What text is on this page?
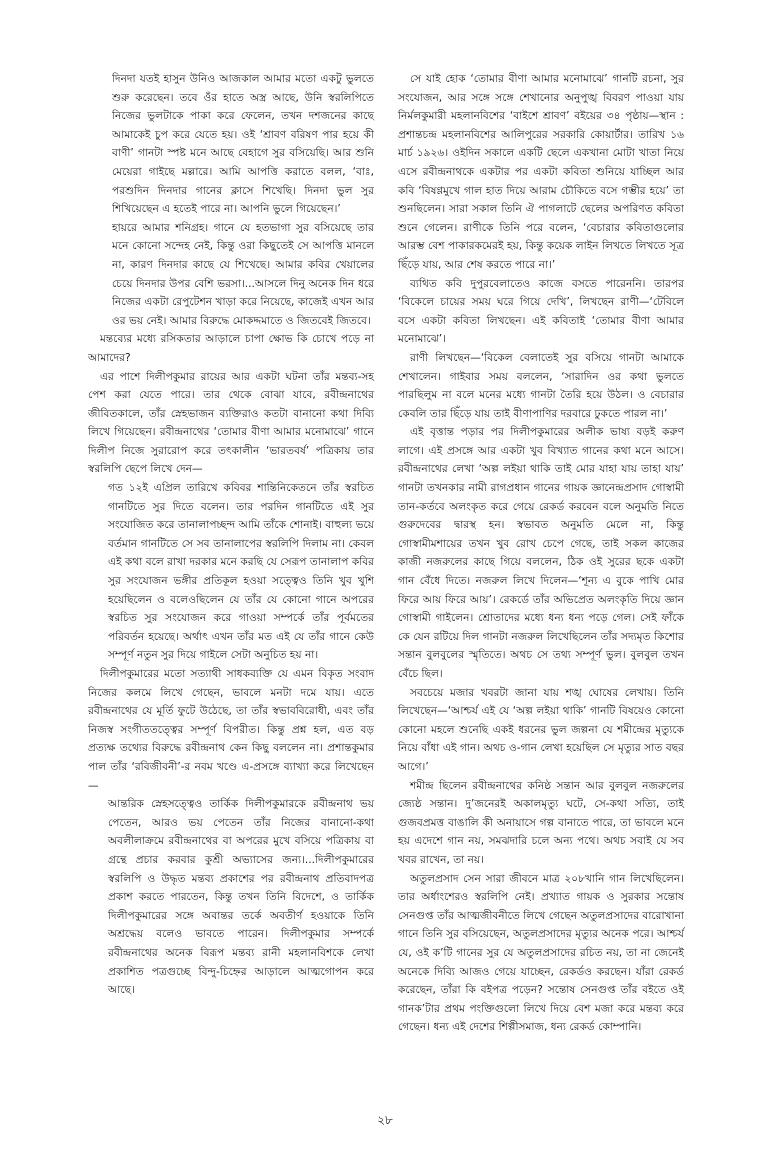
দিনদা যতই হাসুন উনিও আজকাল আমার মতো একটু ভুলতে শুরু করেছেন। তবে ওঁর হাতে অস্ত্র আছে, উনি স্বরলিপিতে নিজের ভুলটাকে পাকা করে ফেলেন, তখন দশজনের কাছে আমাকেই চুপ করে যেতে হয়। ওই ‘শ্রাবণ বরিষণ পার হয়ে কী বাণী’ গানটা স্পষ্ট মনে আছে বেহাগে সুর বসিয়েছি। আর শুনি মেয়েরা গাইছে মল্লারে। আমি আপত্তি করাতে বলল, ‘বাঃ, পরশুদিন দিনদার গানের ক্লাসে শিখেছি। দিনদা ভুল সুর শিখিয়েছেন এ হতেই পারে না। আপনি ভুলে গিয়েছেন।’

হায়রে আমার শনিগ্রহ। গানে যে হতভাগা সুর বসিয়েছে তার মনে কোনো সন্দেহ নেই, কিন্তু ওরা কিছুতেই সে আপত্তি মানলে না, কারণ দিনদার কাছে যে শিখেছে। আমার কবির খেয়ালের চেয়ে দিনদার উপর বেশি ভরসা।...আসলে দিনু অনেক দিন ধরে নিজের একটা রেপুটেশন খাড়া করে নিয়েছে, কাজেই এখন আর ওর ভয় নেই। আমার বিরুদ্ধে মোকদ্দমাতে ও জিতবেই জিতবে।

মন্তব্যের মধ্যে রসিকতার আড়ালে চাপা ক্ষোভ কি চোখে পড়ে না আমাদের?

এর পাশে দিলীপকুমার রায়ের আর একটা ঘটনা তাঁর মন্তব্য-সহ পেশ করা যেতে পারে। তার থেকে বোঝা যাবে, রবীন্দ্রনাথের জীবিতকালে, তাঁর স্নেহভাজন ব্যক্তিরাও কতটা বানানো কথা দিব্যি লিখে গিয়েছেন। রবীন্দ্রনাথের ‘তোমার বীণা আমার মনোমাঝে’ গানে দিলীপ নিজে সুরারোপ করে তৎকালীন ‘ভারতবর্ষ’ পত্রিকায় তার স্বরলিপি ছেপে লিখে দেন—

গত ১২ই এপ্রিল তারিখে কবিবর শান্তিনিকেতনে তাঁর স্বরচিত গানটিতে সুর দিতে বলেন। তার পরদিন গানটিতে এই সুর সংযোজিত করে তানালাপচ্ছন্দ আমি তাঁকে শোনাই। বাহুল্য ভয়ে বর্তমান গানটিতে সে সব তানালাপের স্বরলিপি দিলাম না। কেবল এই কথা বলে রাখা দরকার মনে করছি যে সেরূপ তানালাপ কবির সুর সংযোজন ভঙ্গীর প্রতিকূল হওয়া সত্ত্বেও তিনি খুব খুশি হয়েছিলেন ও বলেওছিলেন যে তাঁর যে কোনো গানে অপরের স্বরচিত সুর সংযোজন করে গাওয়া সম্পর্কে তাঁর পূর্বমতের পরিবর্তন হয়েছে। অর্থাৎ এখন তাঁর মত এই যে তাঁর গানে কেউ সম্পূর্ণ নতুন সুর দিয়ে গাইলে সেটা অনুচিত হয় না।

দিলীপকুমারের মতো সত্যাথী সাধকব্যক্তি যে এমন বিকৃত সংবাদ নিজের কলমে লিখে গেছেন, ভাবলে মনটা দমে যায়। এতে রবীন্দ্রনাথের যে মূর্তি ফুটে উঠেছে, তা তাঁর স্বভাববিরোধী, এবং তাঁর নিজস্ব সংগীততত্ত্বের সম্পূর্ণ বিপরীত। কিন্তু প্রশ্ন হল, এত বড় প্রত্যক্ষ তথ্যের বিরুদ্ধে রবীন্দ্রনাথ কেন কিছু বললেন না। প্রশান্তকুমার পাল তাঁর ‘রবিজীবনী’-র নবম খণ্ডে এ-প্রসঙ্গে ব্যাখ্যা করে লিখেছেন—

আন্তরিক স্নেহসত্ত্বেও তার্কিক দিলীপকুমারকে রবীন্দ্রনাথ ভয় পেতেন, আরও ভয় পেতেন তাঁর নিজের বানানো-কথা অবলীলাক্রমে রবীন্দ্রনাথের বা অপরের মুখে বসিয়ে পত্রিকায় বা গ্রন্থে প্রচার করবার কুশ্রী অভ্যাসের জন্য।...দিলীপকুমারের স্বরলিপি ও উদ্ধৃত মন্তব্য প্রকাশের পর রবীন্দ্রনাথ প্রতিবাদপত্র প্রকাশ করতে পারতেন, কিন্তু তখন তিনি বিদেশে, ও তার্কিক দিলীপকুমারের সঙ্গে অবান্তর তর্কে অবতীর্ণ হওয়াকে তিনি অশ্রদ্ধেয় বলেও ভাবতে পারেন। দিলীপকুমার সম্পর্কে রবীন্দ্রনাথের অনেক বিরূপ মন্তব্য রানী মহলানবিশকে লেখা প্রকাশিত পত্রগুচ্ছে বিন্দু-চিহ্নের আড়ালে আত্মগোপন করে আছে।

সে যাই হোক ‘তোমার বীণা আমার মনোমাঝে’ গানটি রচনা, সুর সংযোজন, আর সঙ্গে সঙ্গে শেখানোর অনুপুঙ্খ বিবরণ পাওয়া যায় নির্মলকুমারী মহলানবিশের ‘বাইশে শ্রাবণ’ বইয়ের ৩৪ পৃষ্ঠায়—স্থান : প্রশান্তচন্দ্র মহলানবিশের আলিপুরের সরকারি কোয়ার্টার। তারিখ ১৬ মার্চ ১৯২৬। ওইদিন সকালে একটি ছেলে একখানা মোটা খাতা নিয়ে এসে রবীন্দ্রনাথকে একটার পর একটা কবিতা শুনিয়ে যাচ্ছিল আর কবি ‘বিষণ্ণমুখে গাল হাত দিয়ে আরাম চৌকিতে বসে গম্ভীর হয়ে’ তা শুনছিলেন। সারা সকাল তিনি ঐ পাগলাটে ছেলের অপরিণত কবিতা শুনে গেলেন। রাণীকে তিনি পরে বলেন, ‘বেচারার কবিতাগুলোর আরম্ভ বেশ পাকারকমেরই হয়, কিন্তু কয়েক লাইন লিখতে লিখতে সূত্র ছিঁড়ে যায়, আর শেষ করতে পারে না।’

ব্যথিত কবি দুপুরবেলাতেও কাজে বসতে পারেননি। তারপর ‘বিকেলে চায়ের সময় ঘরে গিয়ে দেখি’, লিখছেন রাণী—‘টেবিলে বসে একটা কবিতা লিখছেন। এই কবিতাই ‘তোমার বীণা আমার মনোমাঝে’।

রাণী লিখছেন—‘বিকেল বেলাতেই সুর বসিয়ে গানটা আমাকে শেখালেন। গাইবার সময় বললেন, ‘সারাদিন ওর কথা ভুলতে পারছিলুম না বলে মনের মধ্যে গানটা তৈরি হয়ে উঠল। ও বেচারার কেবলি তার ছিঁড়ে যায় তাই বীণাপাণির দরবারে ঢুকতে পারল না।’

এই বৃত্তান্ত পড়ার পর দিলীপকুমারের অলীক ভাষ্য বড়ই করুণ লাগে। এই প্রসঙ্গে আর একটা খুব বিখ্যাত গানের কথা মনে আসে। রবীন্দ্রনাথের লেখা ‘অল্প লইয়া থাকি তাই মোর যাহা যায় তাহা যায়’ গানটা তখনকার নামী রাগপ্রধান গানের গায়ক জ্ঞানেন্দ্রপ্রসাদ গোস্বামী তান-কর্তবে অলংকৃত করে গেয়ে রেকর্ড করবেন বলে অনুমতি নিতে গুরুদেবের দ্বারস্থ হন। স্বভাবত অনুমতি মেলে না, কিন্তু গোস্বামীমশায়ের তখন খুব রোখ চেপে গেছে, তাই সকল কাজের কাজী নজরুলের কাছে গিয়ে বললেন, ঠিক ওই সুরের ছকে একটা গান বেঁধে দিতে। নজরুল লিখে দিলেন—‘শূন্য এ বুকে পাখি মোর ফিরে আয় ফিরে আয়’। রেকর্ডে তাঁর অভিপ্রেত অলংকৃতি দিয়ে জ্ঞান গোস্বামী গাইলেন। শ্রোতাদের মধ্যে ধন্য ধন্য পড়ে গেল। সেই ফাঁকে কে যেন রটিয়ে দিল গানটা নজরুল লিখেছিলেন তাঁর সদ্যমৃত কিশোর সন্তান বুলবুলের স্মৃতিতে। অথচ সে তথ্য সম্পূর্ণ ভুল। বুলবুল তখন বেঁচে ছিল।

সবচেয়ে মজার খবরটা জানা যায় শঙ্খ ঘোষের লেখায়। তিনি লিখেছেন—‘আশ্চর্য এই যে ‘অল্প লইয়া থাকি’ গানটি বিষয়েও কোনো কোনো মহলে শুনেছি একই ধরনের ভুল জল্পনা যে শমীন্দ্রের মৃত্যুকে নিয়ে বাঁধা এই গান। অথচ ও-গান লেখা হয়েছিল সে মৃত্যুর সাত বছর আগে।’

শমীন্দ্র ছিলেন রবীন্দ্রনাথের কনিষ্ঠ সন্তান আর বুলবুল নজরুলের জ্যেষ্ঠ সন্তান। দু’জনেরই অকালমৃত্যু ঘটে, সে-কথা সত্যি, তাই গুজবপ্রমত্ত বাঙালি কী অনায়াসে গল্প বানাতে পারে, তা ভাবলে মনে হয় এদেশে গান নয়, সমঝদারি চলে অন্য পথে। অথচ সবাই যে সব খবর রাখেন, তা নয়।

অতুলপ্রসাদ সেন সারা জীবনে মাত্র ২০৮খানি গান লিখেছিলেন। তার অর্ধাংশেরও স্বরলিপি নেই। প্রখ্যাত গায়ক ও সুরকার সন্তোষ সেনগুপ্ত তাঁর আত্মজীবনীতে লিখে গেছেন অতুলপ্রসাদের বারোখানা গানে তিনি সুর বসিয়েছেন, অতুলপ্রসাদের মৃত্যুর অনেক পরে। আশ্চর্য যে, ওই ক’টি গানের সুর যে অতুলপ্রসাদের রচিত নয়, তা না জেনেই অনেকে দিব্যি আজও গেয়ে যাচ্ছেন, রেকর্ডও করছেন। যাঁরা রেকর্ড করেছেন, তাঁরা কি বইপত্র পড়েন? সন্তোষ সেনগুপ্ত তাঁর বইতে ওই গানক’টার প্রথম পংক্তিগুলো লিখে দিয়ে বেশ মজা করে মন্তব্য করে গেছেন। ধন্য এই দেশের শিল্পীসমাজ, ধন্য রেকর্ড কোম্পানি।

২৮
